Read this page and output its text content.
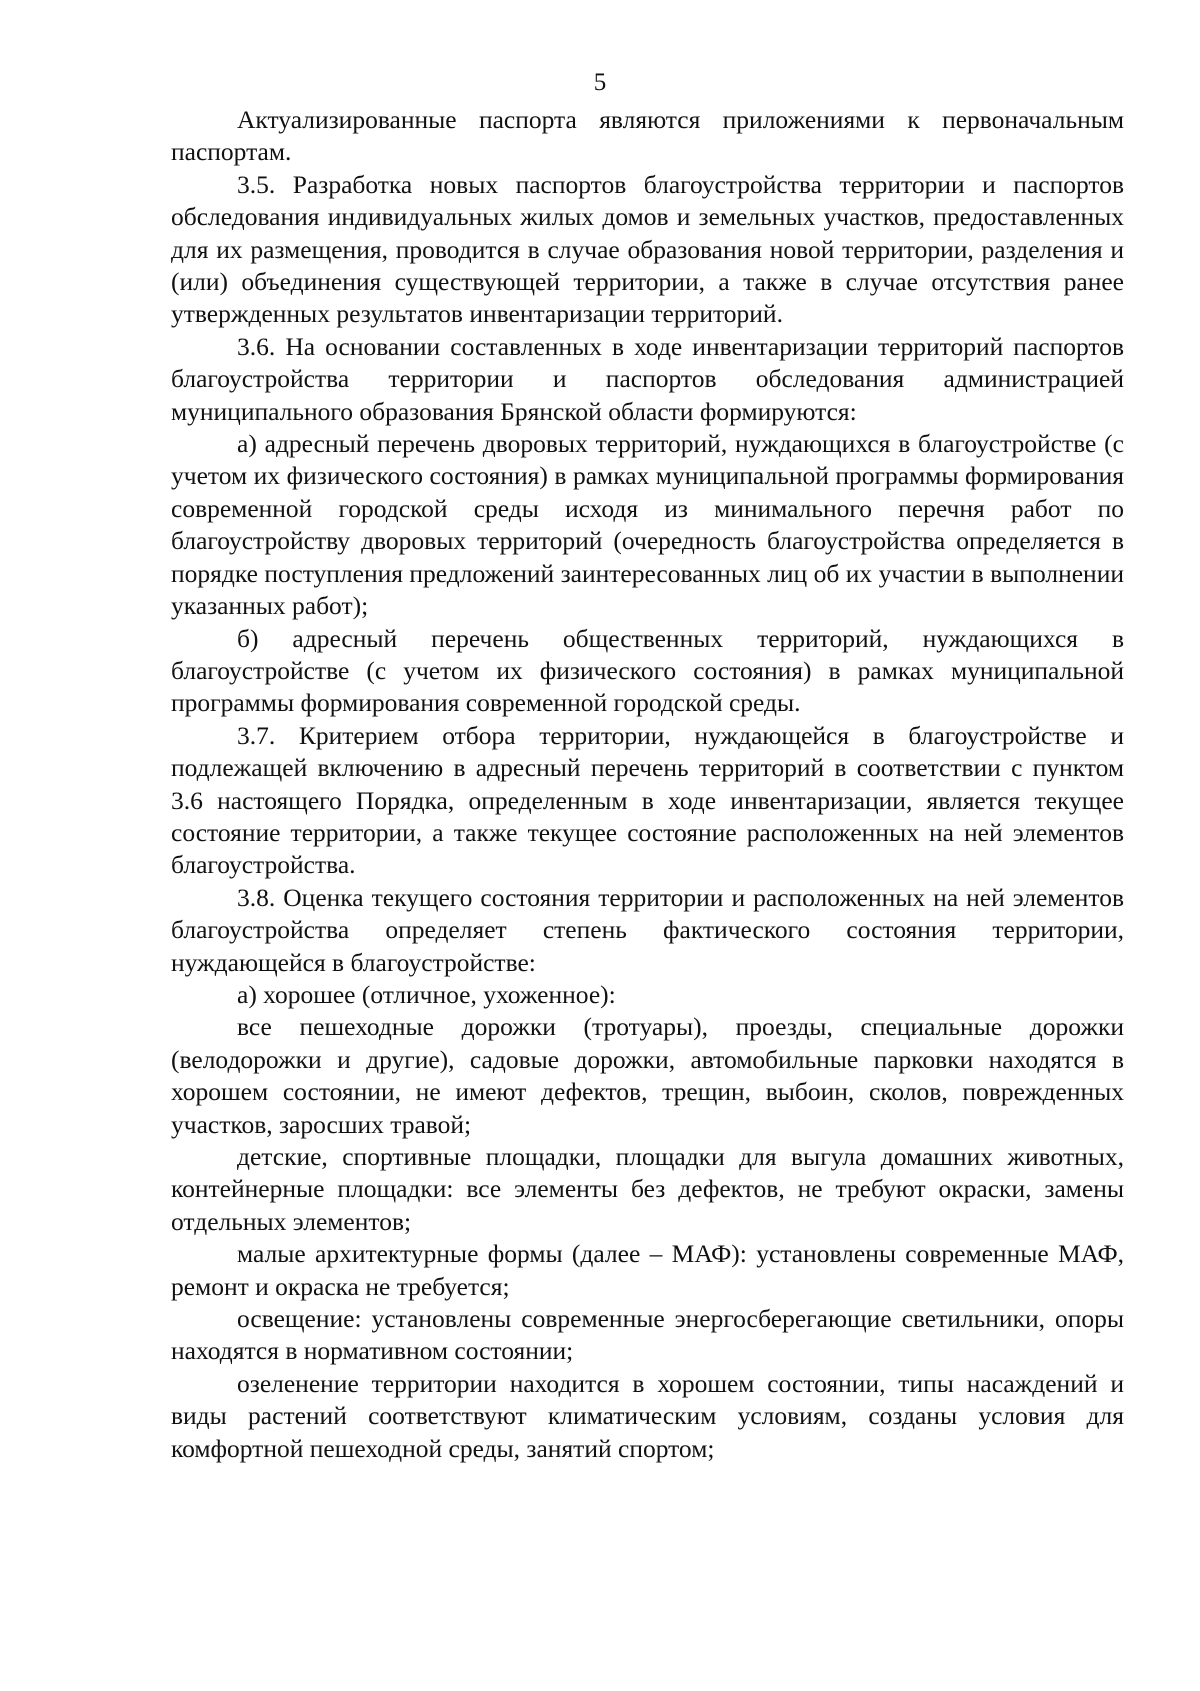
5

Актуализированные паспорта являются приложениями к первоначальным паспортам.

3.5. Разработка новых паспортов благоустройства территории и паспортов обследования индивидуальных жилых домов и земельных участков, предоставленных для их размещения, проводится в случае образования новой территории, разделения и (или) объединения существующей территории, а также в случае отсутствия ранее утвержденных результатов инвентаризации территорий.

3.6. На основании составленных в ходе инвентаризации территорий паспортов благоустройства территории и паспортов обследования администрацией муниципального образования Брянской области формируются:

а) адресный перечень дворовых территорий, нуждающихся в благоустройстве (с учетом их физического состояния) в рамках муниципальной программы формирования современной городской среды исходя из минимального перечня работ по благоустройству дворовых территорий (очередность благоустройства определяется в порядке поступления предложений заинтересованных лиц об их участии в выполнении указанных работ);

б) адресный перечень общественных территорий, нуждающихся в благоустройстве (с учетом их физического состояния) в рамках муниципальной программы формирования современной городской среды.

3.7. Критерием отбора территории, нуждающейся в благоустройстве и подлежащей включению в адресный перечень территорий в соответствии с пунктом 3.6 настоящего Порядка, определенным в ходе инвентаризации, является текущее состояние территории, а также текущее состояние расположенных на ней элементов благоустройства.

3.8. Оценка текущего состояния территории и расположенных на ней элементов благоустройства определяет степень фактического состояния территории, нуждающейся в благоустройстве:

а) хорошее (отличное, ухоженное):

все пешеходные дорожки (тротуары), проезды, специальные дорожки (велодорожки и другие), садовые дорожки, автомобильные парковки находятся в хорошем состоянии, не имеют дефектов, трещин, выбоин, сколов, поврежденных участков, заросших травой;

детские, спортивные площадки, площадки для выгула домашних животных, контейнерные площадки: все элементы без дефектов, не требуют окраски, замены отдельных элементов;

малые архитектурные формы (далее – МАФ): установлены современные МАФ, ремонт и окраска не требуется;

освещение: установлены современные энергосберегающие светильники, опоры находятся в нормативном состоянии;

озеленение территории находится в хорошем состоянии, типы насаждений и виды растений соответствуют климатическим условиям, созданы условия для комфортной пешеходной среды, занятий спортом;
